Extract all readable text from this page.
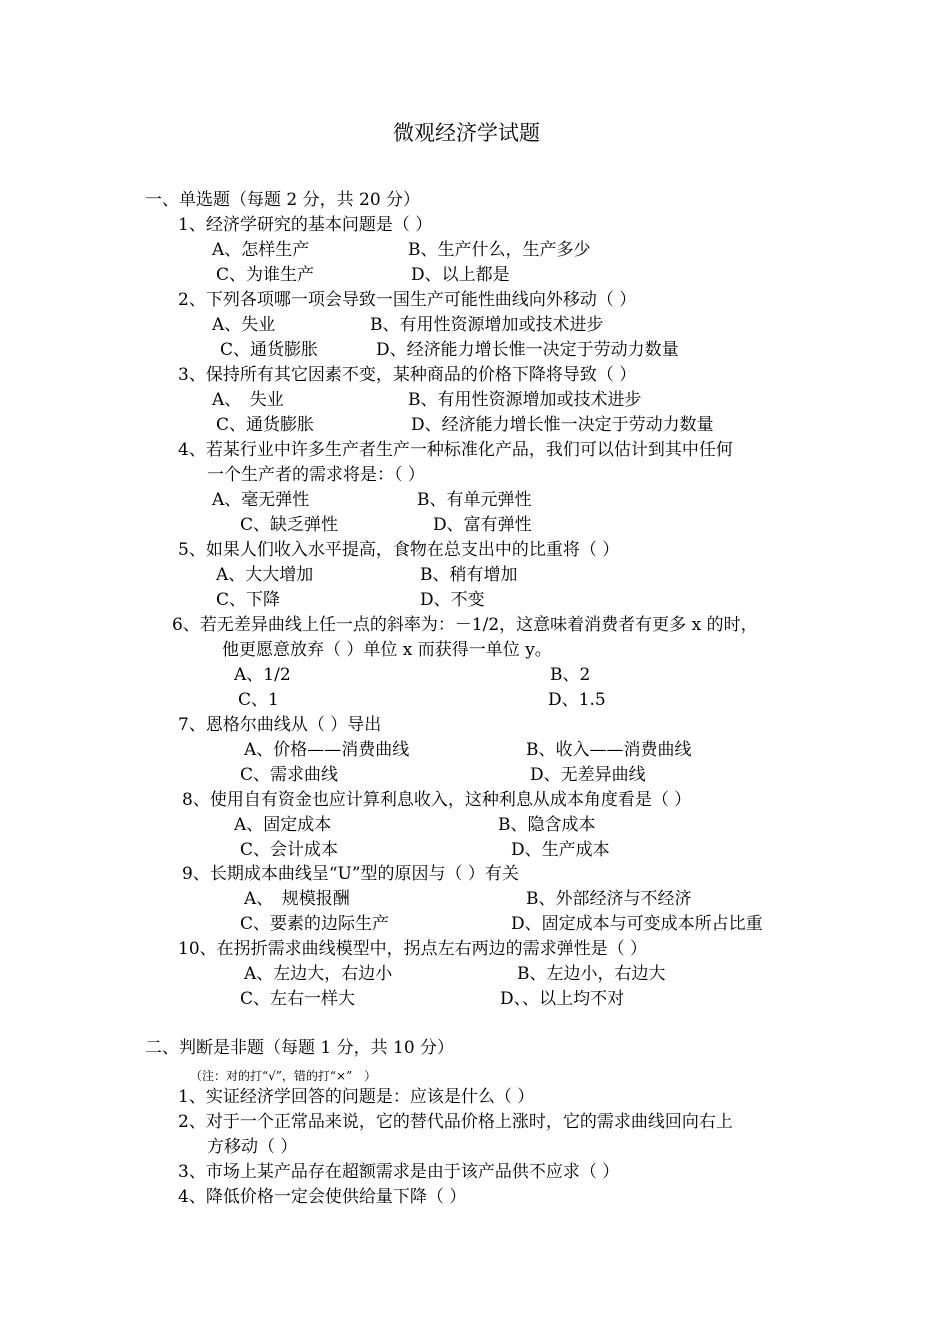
微观经济学试题
一、单选题（每题 2 分，共 20 分）
1、经济学研究的基本问题是（ ）
A、怎样生产	B、生产什么，生产多少
C、为谁生产	D、以上都是
2、下列各项哪一项会导致一国生产可能性曲线向外移动（ ）
A、失业	B、有用性资源增加或技术进步
C、通货膨胀	D、经济能力增长惟一决定于劳动力数量
3、保持所有其它因素不变，某种商品的价格下降将导致（ ）
A、　失业	B、有用性资源增加或技术进步
C、通货膨胀	D、经济能力增长惟一决定于劳动力数量
4、若某行业中许多生产者生产一种标准化产品，我们可以估计到其中任何
一个生产者的需求将是：（ ）
A、毫无弹性	B、有单元弹性
C、缺乏弹性	D、富有弹性
5、如果人们收入水平提高，食物在总支出中的比重将（ ）
A、大大增加	B、稍有增加
C、下降	D、不变
6、若无差异曲线上任一点的斜率为：－1/2，这意味着消费者有更多 x 的时，
他更愿意放弃（ ）单位 x 而获得一单位 y。
A、1/2	B、2
C、1	D、1.5
7、恩格尔曲线从（ ）导出
A、价格——消费曲线	B、收入——消费曲线
C、需求曲线	D、无差异曲线
8、使用自有资金也应计算利息收入，这种利息从成本角度看是（ ）
A、固定成本	B、隐含成本
C、会计成本	D、生产成本
9、长期成本曲线呈“U”型的原因与（ ）有关
A、　规模报酬	B、外部经济与不经济
C、要素的边际生产	D、固定成本与可变成本所占比重
10、在拐折需求曲线模型中，拐点左右两边的需求弹性是（ ）
A、左边大，右边小	B、左边小，右边大
C、左右一样大	D、、以上均不对
二、判断是非题（每题 1 分，共 10 分）
（注：对的打“√”，错的打“×”　）
1、实证经济学回答的问题是：应该是什么（ ）
2、对于一个正常品来说，它的替代品价格上涨时，它的需求曲线回向右上
方移动（ ）
3、市场上某产品存在超额需求是由于该产品供不应求（ ）
4、降低价格一定会使供给量下降（ ）
